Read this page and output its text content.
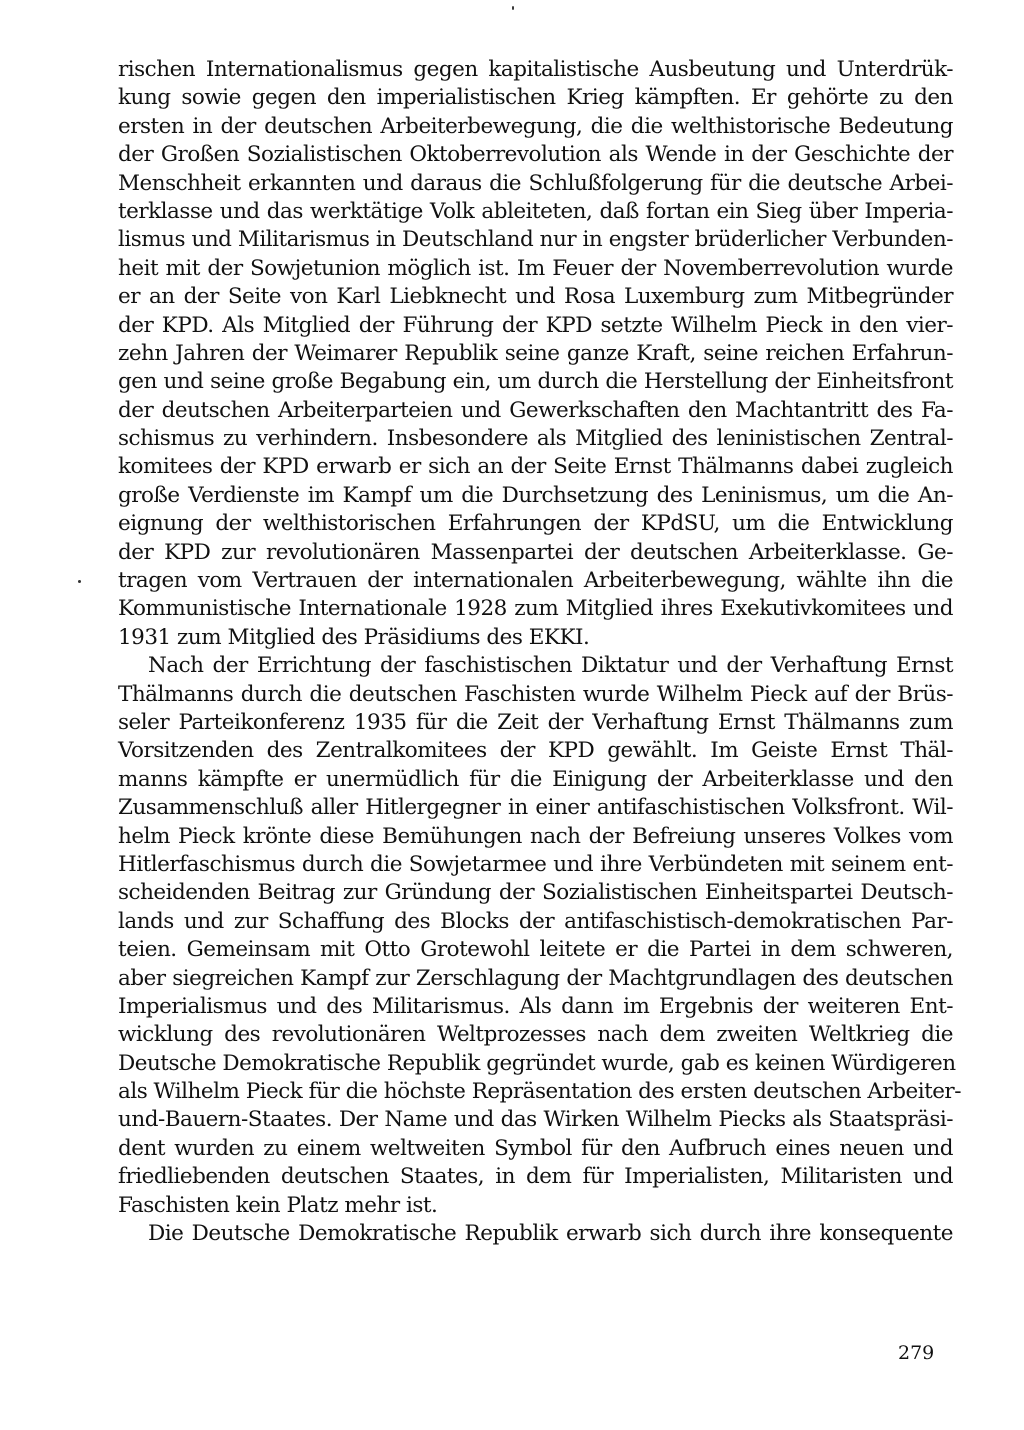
rischen Internationalismus gegen kapitalistische Ausbeutung und Unterdrük-
kung sowie gegen den imperialistischen Krieg kämpften. Er gehörte zu den
ersten in der deutschen Arbeiterbewegung, die die welthistorische Bedeutung
der Großen Sozialistischen Oktoberrevolution als Wende in der Geschichte der
Menschheit erkannten und daraus die Schlußfolgerung für die deutsche Arbei-
terklasse und das werktätige Volk ableiteten, daß fortan ein Sieg über Imperia-
lismus und Militarismus in Deutschland nur in engster brüderlicher Verbunden-
heit mit der Sowjetunion möglich ist. Im Feuer der Novemberrevolution wurde
er an der Seite von Karl Liebknecht und Rosa Luxemburg zum Mitbegründer
der KPD. Als Mitglied der Führung der KPD setzte Wilhelm Pieck in den vier-
zehn Jahren der Weimarer Republik seine ganze Kraft, seine reichen Erfahrun-
gen und seine große Begabung ein, um durch die Herstellung der Einheitsfront
der deutschen Arbeiterparteien und Gewerkschaften den Machtantritt des Fa-
schismus zu verhindern. Insbesondere als Mitglied des leninistischen Zentral-
komitees der KPD erwarb er sich an der Seite Ernst Thälmanns dabei zugleich
große Verdienste im Kampf um die Durchsetzung des Leninismus, um die An-
eignung der welthistorischen Erfahrungen der KPdSU, um die Entwicklung
der KPD zur revolutionären Massenpartei der deutschen Arbeiterklasse. Ge-
tragen vom Vertrauen der internationalen Arbeiterbewegung, wählte ihn die
Kommunistische Internationale 1928 zum Mitglied ihres Exekutivkomitees und
1931 zum Mitglied des Präsidiums des EKKI.
Nach der Errichtung der faschistischen Diktatur und der Verhaftung Ernst
Thälmanns durch die deutschen Faschisten wurde Wilhelm Pieck auf der Brüs-
seler Parteikonferenz 1935 für die Zeit der Verhaftung Ernst Thälmanns zum
Vorsitzenden des Zentralkomitees der KPD gewählt. Im Geiste Ernst Thäl-
manns kämpfte er unermüdlich für die Einigung der Arbeiterklasse und den
Zusammenschluß aller Hitlergegner in einer antifaschistischen Volksfront. Wil-
helm Pieck krönte diese Bemühungen nach der Befreiung unseres Volkes vom
Hitlerfaschismus durch die Sowjetarmee und ihre Verbündeten mit seinem ent-
scheidenden Beitrag zur Gründung der Sozialistischen Einheitspartei Deutsch-
lands und zur Schaffung des Blocks der antifaschistisch-demokratischen Par-
teien. Gemeinsam mit Otto Grotewohl leitete er die Partei in dem schweren,
aber siegreichen Kampf zur Zerschlagung der Machtgrundlagen des deutschen
Imperialismus und des Militarismus. Als dann im Ergebnis der weiteren Ent-
wicklung des revolutionären Weltprozesses nach dem zweiten Weltkrieg die
Deutsche Demokratische Republik gegründet wurde, gab es keinen Würdigeren
als Wilhelm Pieck für die höchste Repräsentation des ersten deutschen Arbeiter-
und-Bauern-Staates. Der Name und das Wirken Wilhelm Piecks als Staatspräsi-
dent wurden zu einem weltweiten Symbol für den Aufbruch eines neuen und
friedliebenden deutschen Staates, in dem für Imperialisten, Militaristen und
Faschisten kein Platz mehr ist.
Die Deutsche Demokratische Republik erwarb sich durch ihre konsequente
279
